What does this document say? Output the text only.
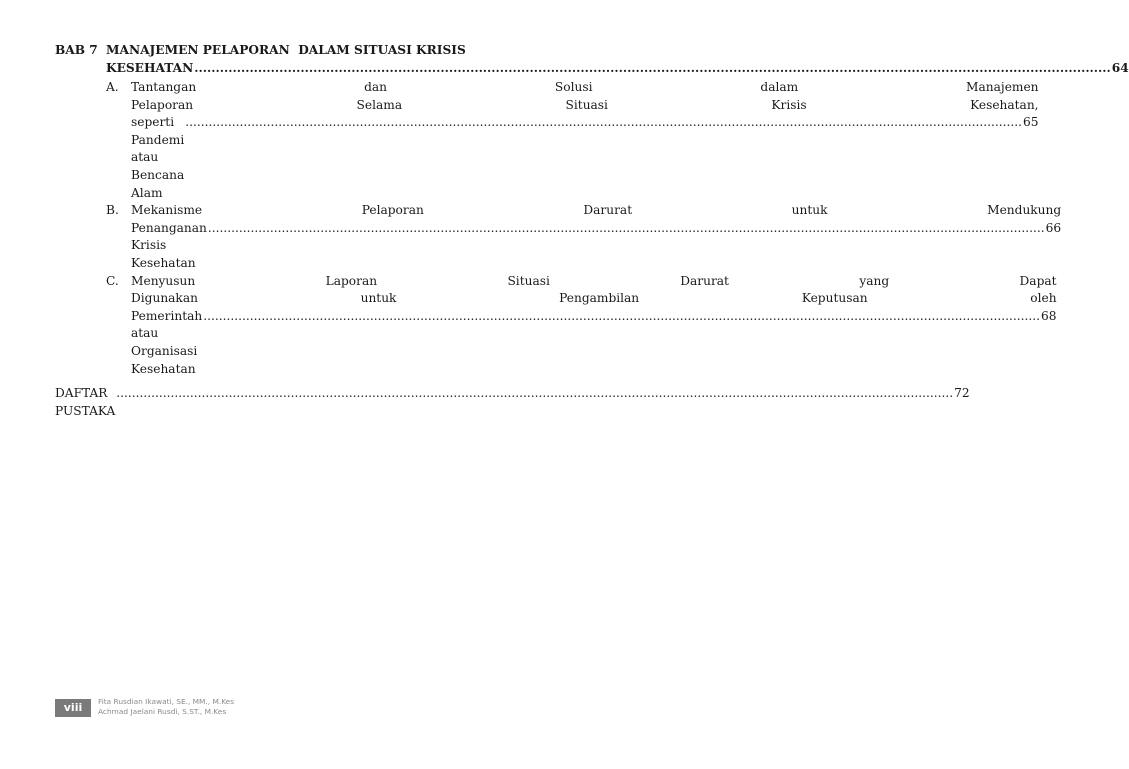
BAB 7 MANAJEMEN PELAPORAN  DALAM SITUASI KRISIS
KESEHATAN
.....	64
A.	Tantangan dan Solusi dalam Manajemen
Pelaporan Selama Situasi Krisis Kesehatan,
seperti Pandemi atau Bencana Alam
.....
65
B. Mekanisme Pelaporan Darurat untuk Mendukung
Penanganan Krisis Kesehatan
.....
66
C.	Menyusun Laporan Situasi Darurat yang Dapat
Digunakan untuk Pengambilan Keputusan oleh
Pemerintah atau Organisasi Kesehatan
.....
68
DAFTAR PUSTAKA
.....
72
viii	Fita Rusdian Ikawati, SE., MM., M.Kes
Achmad Jaelani Rusdi, S.ST., M.Kes
